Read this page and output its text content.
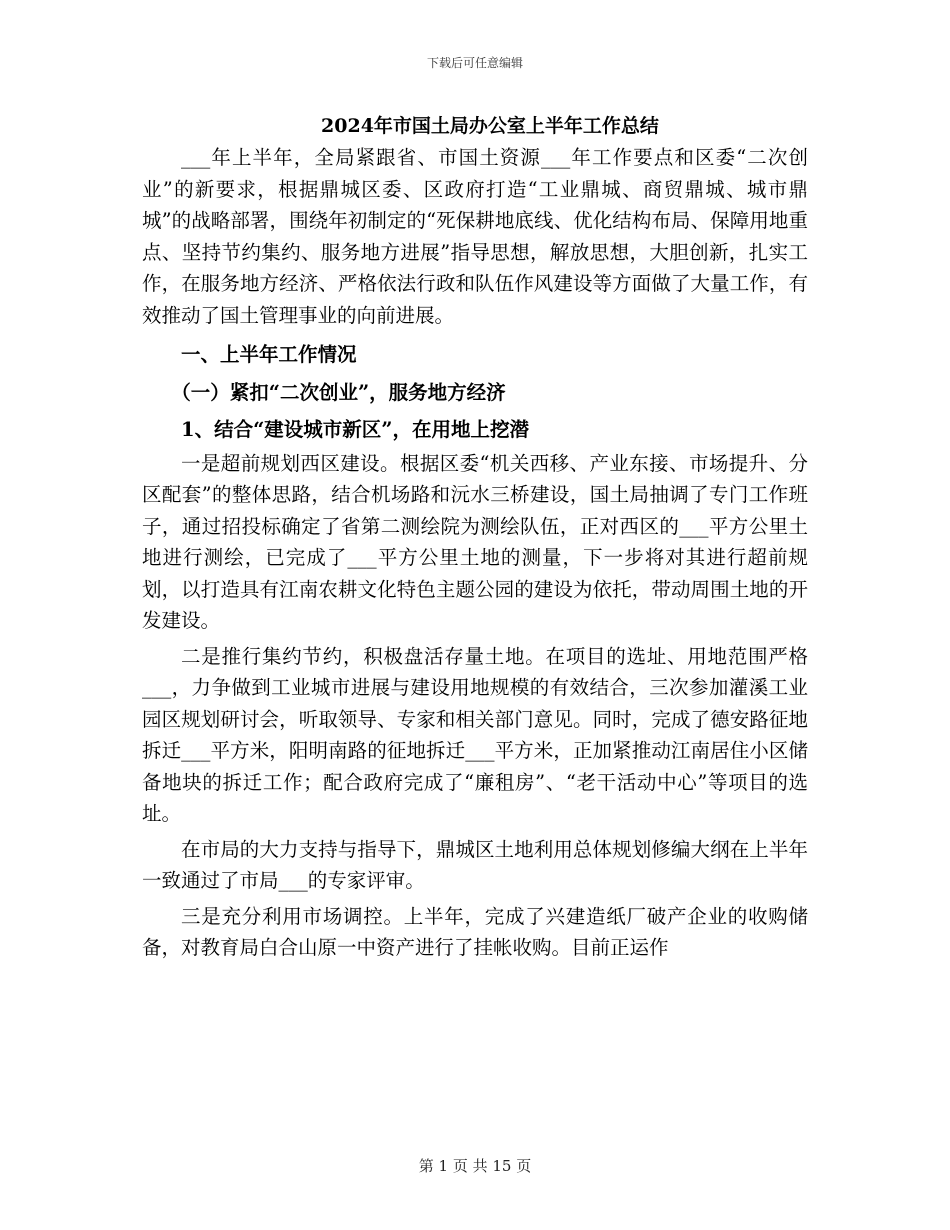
下载后可任意编辑
2024年市国土局办公室上半年工作总结

___年上半年，全局紧跟省、市国土资源___年工作要点和区委“二次创业”的新要求，根据鼎城区委、区政府打造“工业鼎城、商贸鼎城、城市鼎城”的战略部署，围绕年初制定的“死保耕地底线、优化结构布局、保障用地重点、坚持节约集约、服务地方进展”指导思想，解放思想，大胆创新，扎实工作，在服务地方经济、严格依法行政和队伍作风建设等方面做了大量工作，有效推动了国土管理事业的向前进展。

一、上半年工作情况

（一）紧扣“二次创业”，服务地方经济

1、结合“建设城市新区”，在用地上挖潜

一是超前规划西区建设。根据区委“机关西移、产业东接、市场提升、分区配套”的整体思路，结合机场路和沅水三桥建设，国土局抽调了专门工作班子，通过招投标确定了省第二测绘院为测绘队伍，正对西区的___平方公里土地进行测绘，已完成了___平方公里土地的测量，下一步将对其进行超前规划，以打造具有江南农耕文化特色主题公园的建设为依托，带动周围土地的开发建设。

二是推行集约节约，积极盘活存量土地。在项目的选址、用地范围严格___，力争做到工业城市进展与建设用地规模的有效结合，三次参加灌溪工业园区规划研讨会，听取领导、专家和相关部门意见。同时，完成了德安路征地拆迁___平方米，阳明南路的征地拆迁___平方米，正加紧推动江南居住小区储备地块的拆迁工作；配合政府完成了“廉租房”、“老干活动中心”等项目的选址。

在市局的大力支持与指导下，鼎城区土地利用总体规划修编大纲在上半年一致通过了市局___的专家评审。

三是充分利用市场调控。上半年，完成了兴建造纸厂破产企业的收购储备，对教育局白合山原一中资产进行了挂帐收购。目前正运作

第 1 页 共 15 页
